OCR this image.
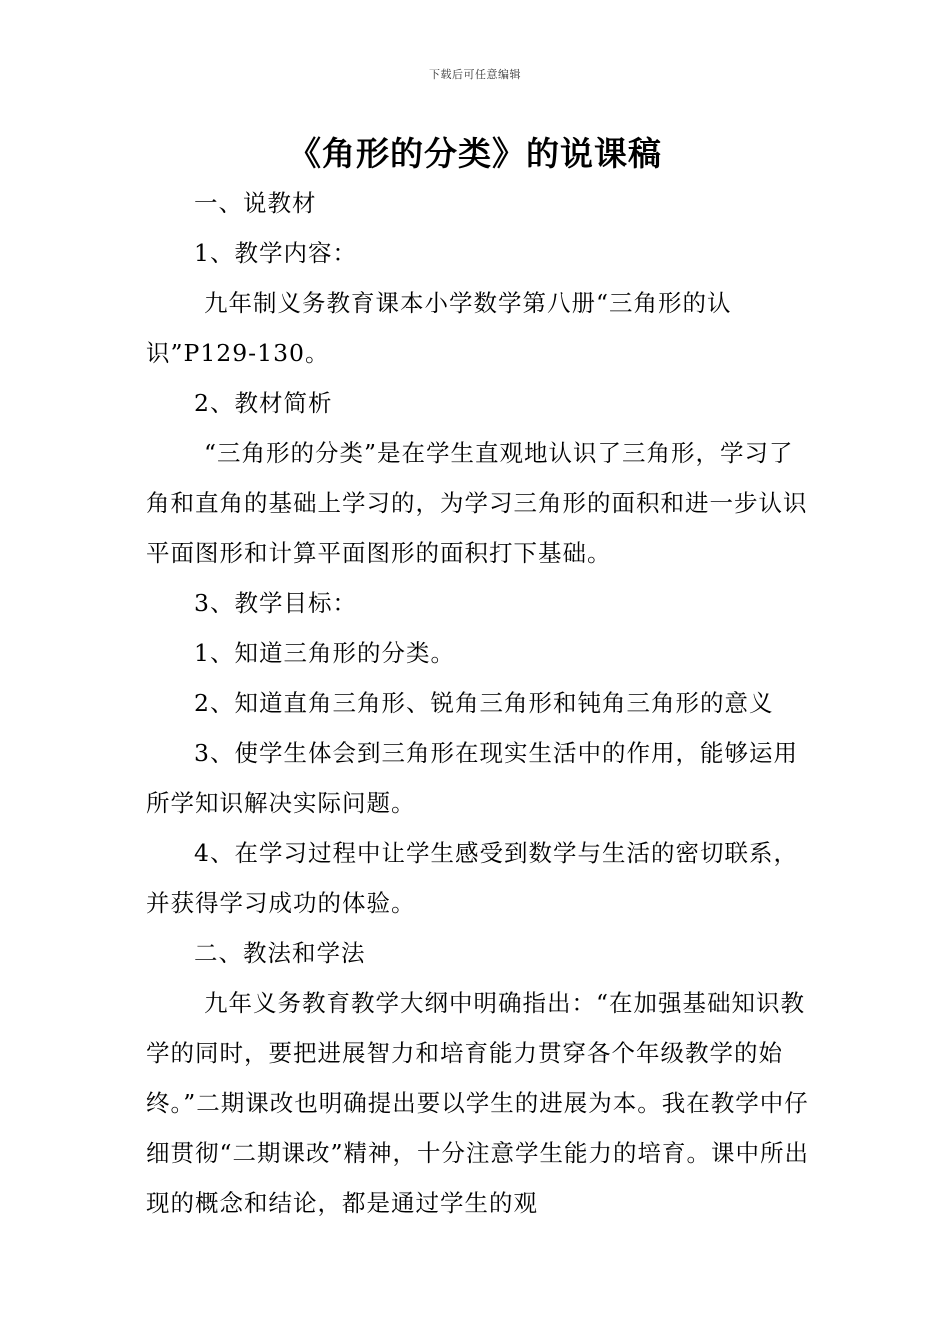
下载后可任意编辑
《角形的分类》的说课稿

一、说教材

1、教学内容：

九年制义务教育课本小学数学第八册“三角形的认识”P129-130。

2、教材简析

“三角形的分类”是在学生直观地认识了三角形，学习了角和直角的基础上学习的，为学习三角形的面积和进一步认识平面图形和计算平面图形的面积打下基础。

3、教学目标：

1、知道三角形的分类。

2、知道直角三角形、锐角三角形和钝角三角形的意义

3、使学生体会到三角形在现实生活中的作用，能够运用所学知识解决实际问题。

4、在学习过程中让学生感受到数学与生活的密切联系，并获得学习成功的体验。

二、教法和学法

九年义务教育教学大纲中明确指出：“在加强基础知识教学的同时，要把进展智力和培育能力贯穿各个年级教学的始终。”二期课改也明确提出要以学生的进展为本。我在教学中仔细贯彻“二期课改”精神，十分注意学生能力的培育。课中所出现的概念和结论，都是通过学生的观
